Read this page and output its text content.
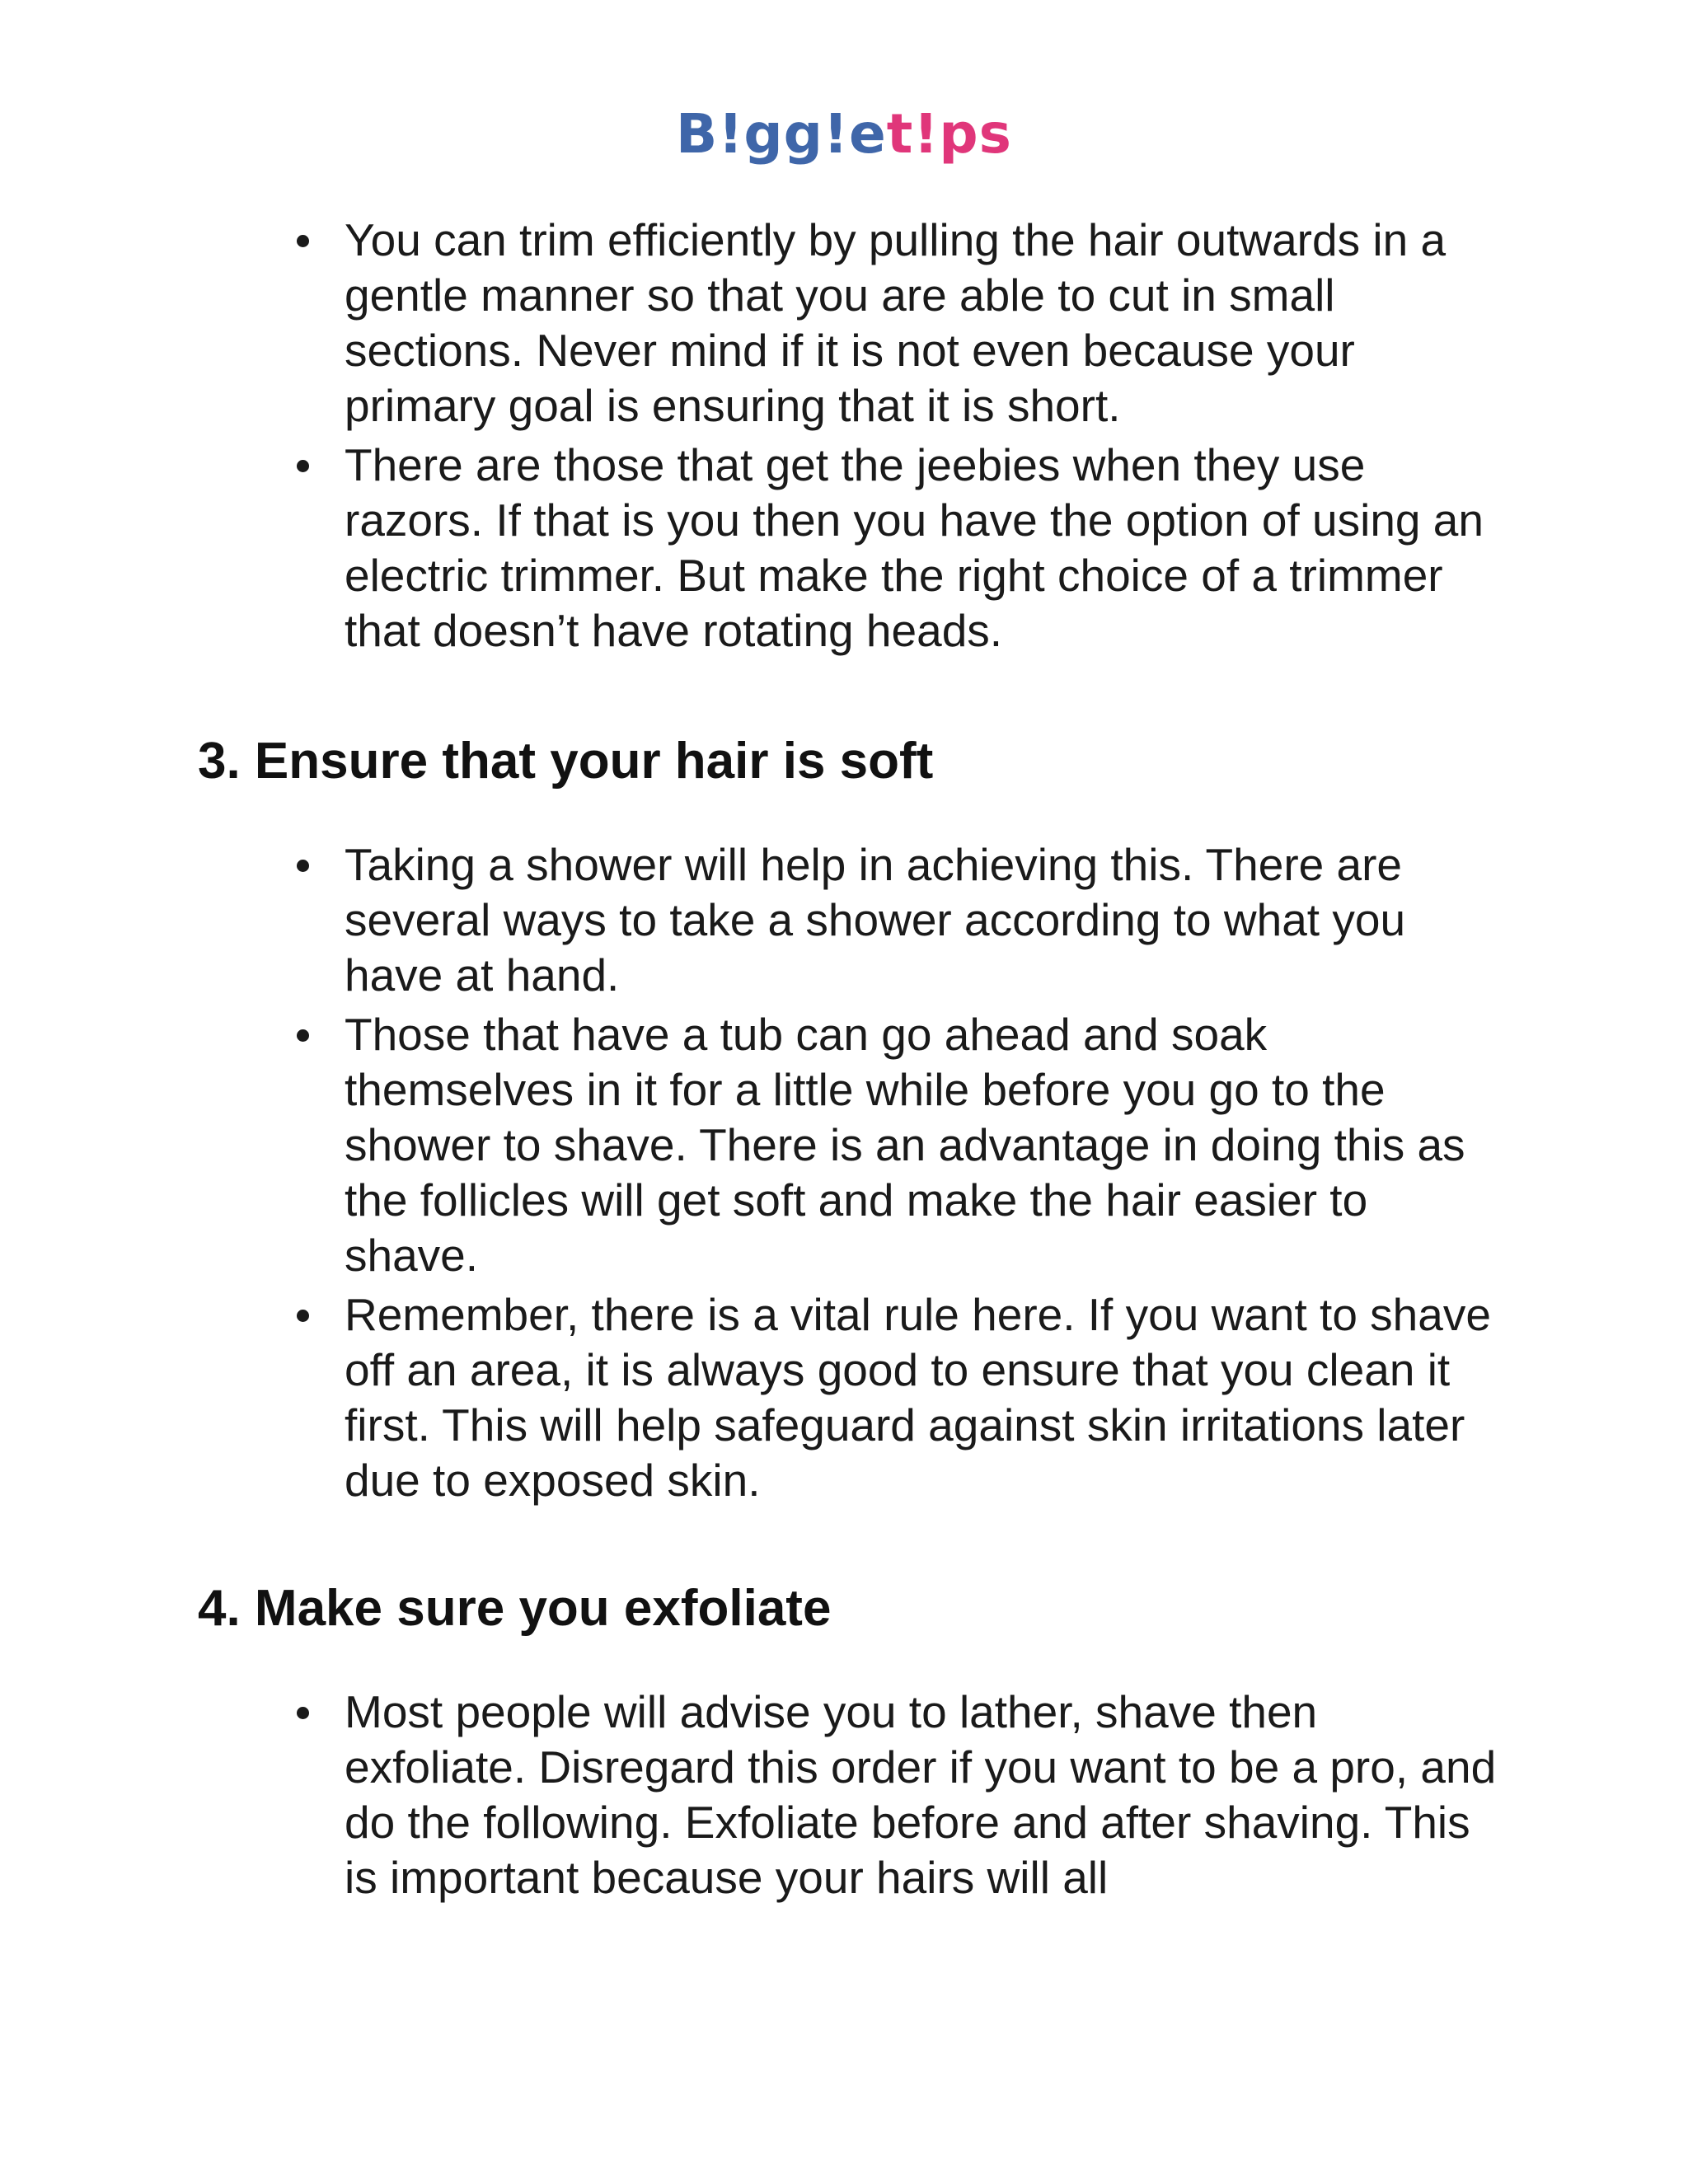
B!gg!et!ps
You can trim efficiently by pulling the hair outwards in a gentle manner so that you are able to cut in small sections. Never mind if it is not even because your primary goal is ensuring that it is short.
There are those that get the jeebies when they use razors. If that is you then you have the option of using an electric trimmer. But make the right choice of a trimmer that doesn’t have rotating heads.
3. Ensure that your hair is soft
Taking a shower will help in achieving this. There are several ways to take a shower according to what you have at hand.
Those that have a tub can go ahead and soak themselves in it for a little while before you go to the shower to shave. There is an advantage in doing this as the follicles will get soft and make the hair easier to shave.
Remember, there is a vital rule here. If you want to shave off an area, it is always good to ensure that you clean it first. This will help safeguard against skin irritations later due to exposed skin.
4. Make sure you exfoliate
Most people will advise you to lather, shave then exfoliate. Disregard this order if you want to be a pro, and do the following. Exfoliate before and after shaving. This is important because your hairs will all
